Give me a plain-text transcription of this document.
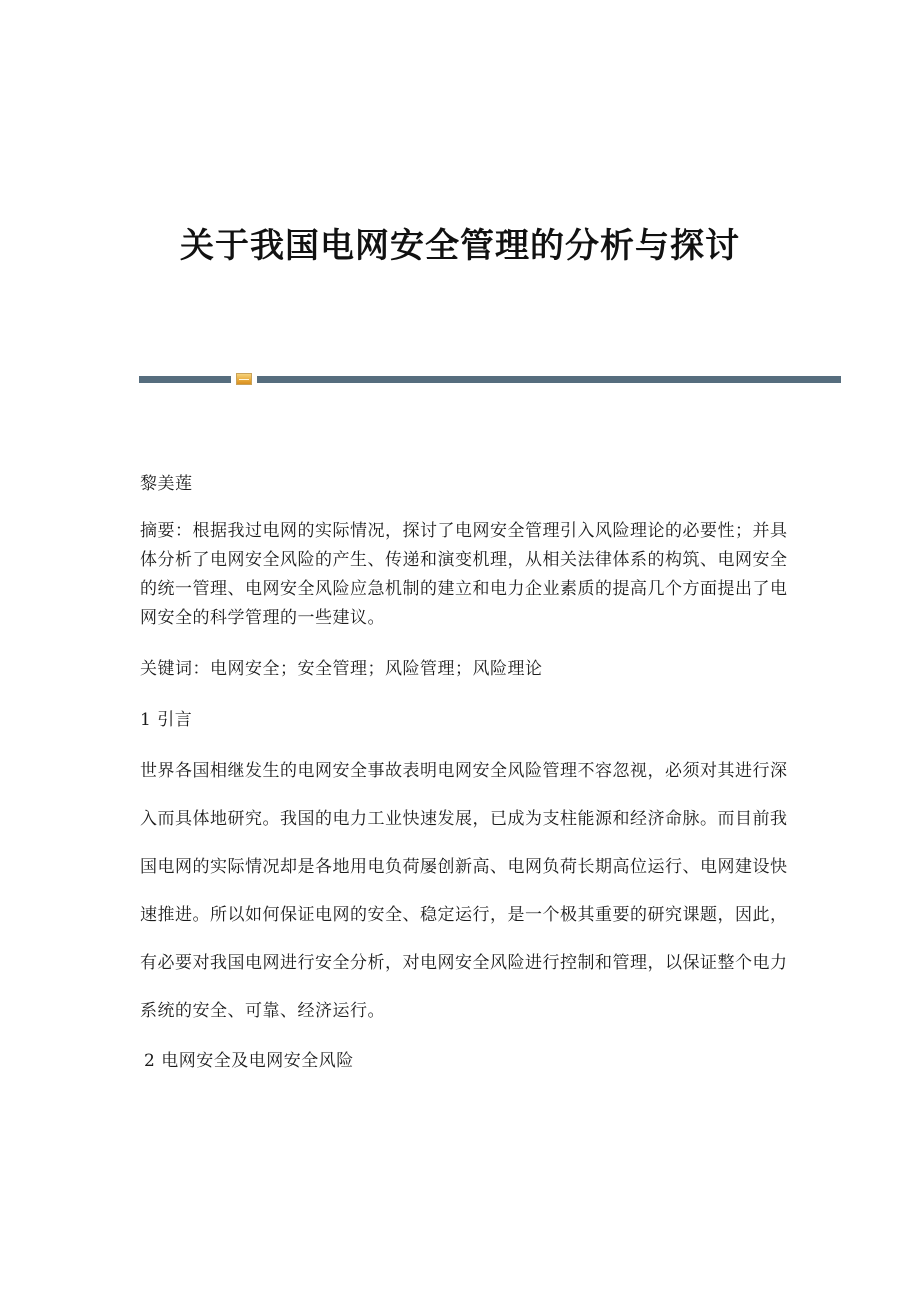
关于我国电网安全管理的分析与探讨

黎美莲

摘要：根据我过电网的实际情况，探讨了电网安全管理引入风险理论的必要性；并具体分析了电网安全风险的产生、传递和演变机理，从相关法律体系的构筑、电网安全的统一管理、电网安全风险应急机制的建立和电力企业素质的提高几个方面提出了电网安全的科学管理的一些建议。

关键词：电网安全；安全管理；风险管理；风险理论

1 引言

世界各国相继发生的电网安全事故表明电网安全风险管理不容忽视，必须对其进行深入而具体地研究。我国的电力工业快速发展，已成为支柱能源和经济命脉。而目前我国电网的实际情况却是各地用电负荷屡创新高、电网负荷长期高位运行、电网建设快速推进。所以如何保证电网的安全、稳定运行，是一个极其重要的研究课题，因此，有必要对我国电网进行安全分析，对电网安全风险进行控制和管理，以保证整个电力系统的安全、可靠、经济运行。

2 电网安全及电网安全风险
